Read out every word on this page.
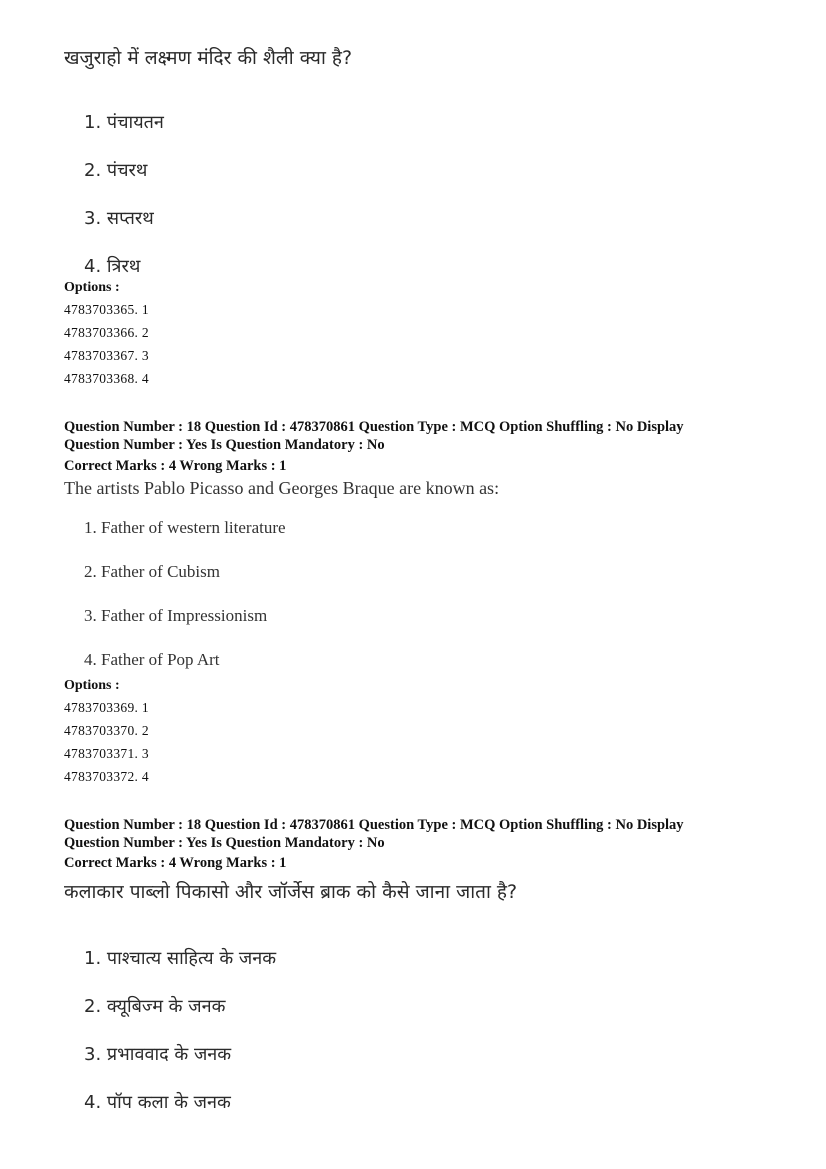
खजुराहो में लक्ष्मण मंदिर की शैली क्या है?
1. पंचायतन
2. पंचरथ
3. सप्तरथ
4. त्रिरथ
Options :
4783703365. 1
4783703366. 2
4783703367. 3
4783703368. 4
Question Number : 18 Question Id : 478370861 Question Type : MCQ Option Shuffling : No Display
Question Number : Yes Is Question Mandatory : No
Correct Marks : 4 Wrong Marks : 1
The artists Pablo Picasso and Georges Braque are known as:
1. Father of western literature
2. Father of Cubism
3. Father of Impressionism
4. Father of Pop Art
Options :
4783703369. 1
4783703370. 2
4783703371. 3
4783703372. 4
Question Number : 18 Question Id : 478370861 Question Type : MCQ Option Shuffling : No Display
Question Number : Yes Is Question Mandatory : No
Correct Marks : 4 Wrong Marks : 1
कलाकार पाब्लो पिकासो और जॉर्जेस ब्राक को कैसे जाना जाता है?
1. पाश्चात्य साहित्य के जनक
2. क्यूबिज्म के जनक
3. प्रभाववाद के जनक
4. पॉप कला के जनक
